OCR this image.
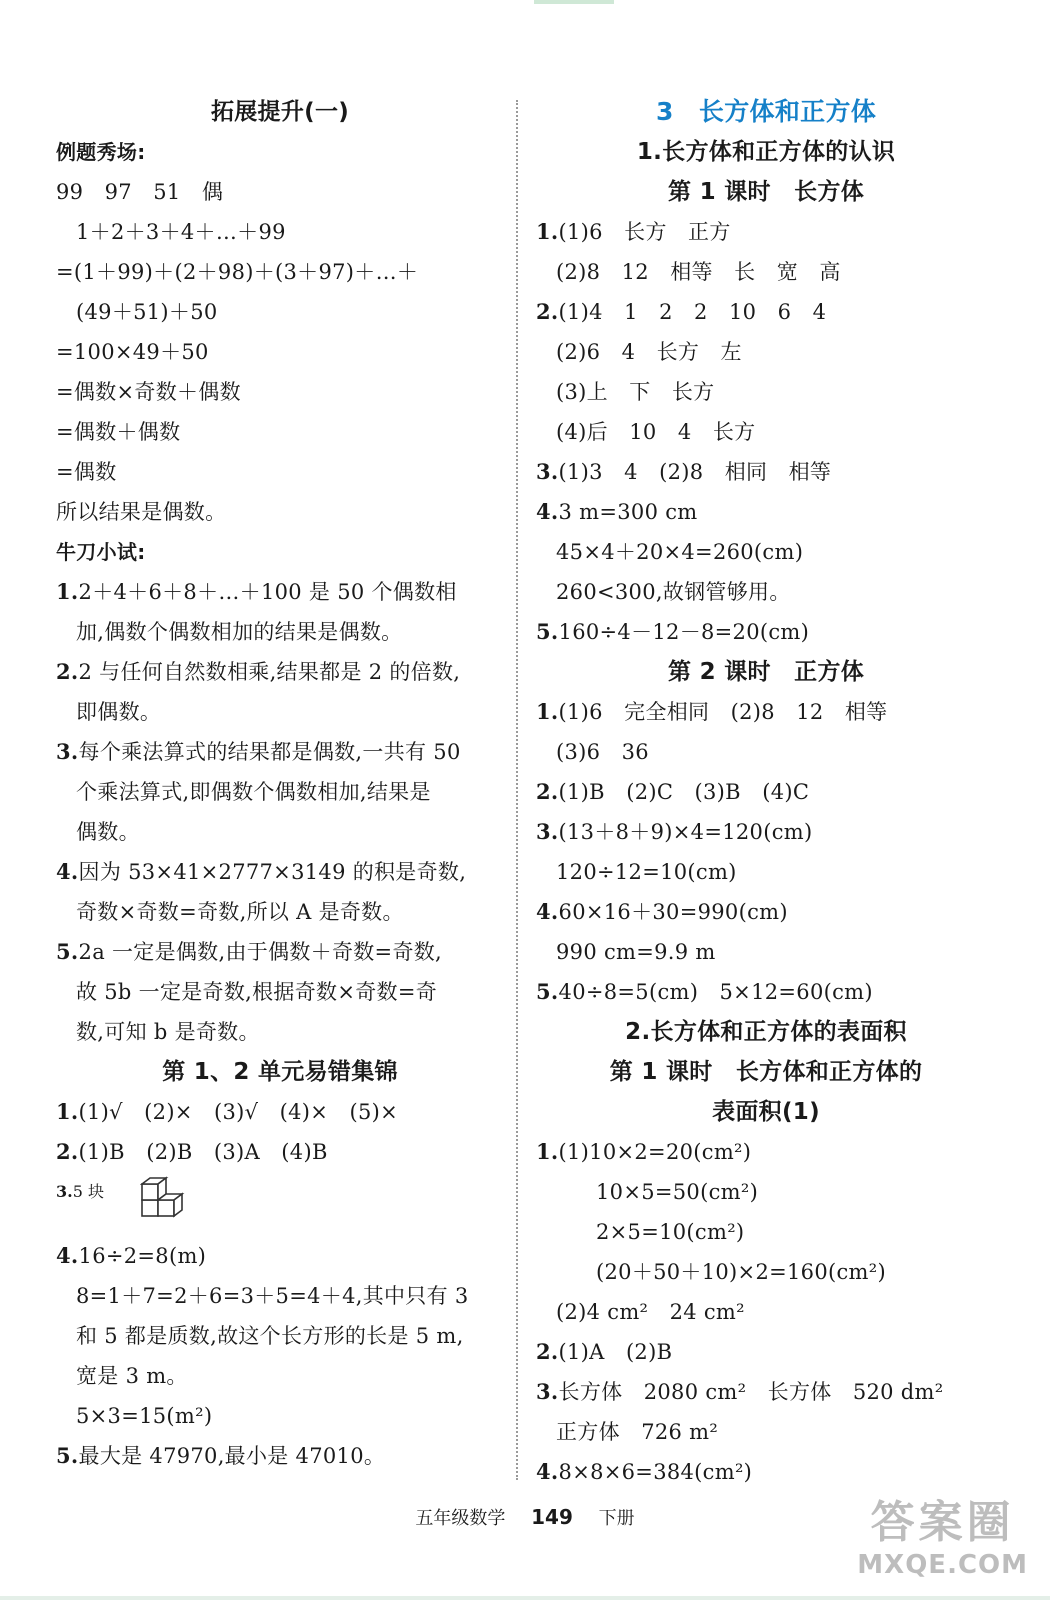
拓展提升(一)
例题秀场:
99　97　51　偶
1＋2＋3＋4＋…＋99
=(1＋99)＋(2＋98)＋(3＋97)＋…＋
(49＋51)＋50
=100×49＋50
=偶数×奇数＋偶数
=偶数＋偶数
=偶数
所以结果是偶数。
牛刀小试:
1.2＋4＋6＋8＋…＋100 是 50 个偶数相
加,偶数个偶数相加的结果是偶数。
2.2 与任何自然数相乘,结果都是 2 的倍数,
即偶数。
3.每个乘法算式的结果都是偶数,一共有 50
个乘法算式,即偶数个偶数相加,结果是
偶数。
4.因为 53×41×2777×3149 的积是奇数,
奇数×奇数=奇数,所以 A 是奇数。
5.2a 一定是偶数,由于偶数＋奇数=奇数,
故 5b 一定是奇数,根据奇数×奇数=奇
数,可知 b 是奇数。
第 1、2 单元易错集锦
1.(1)√　(2)×　(3)√　(4)×　(5)×
2.(1)B　(2)B　(3)A　(4)B
3.5 块
4.16÷2=8(m)
8=1＋7=2＋6=3＋5=4＋4,其中只有 3
和 5 都是质数,故这个长方形的长是 5 m,
宽是 3 m。
5×3=15(m²)
5.最大是 47970,最小是 47010。
3　长方体和正方体
1.长方体和正方体的认识
第 1 课时　长方体
1.(1)6　长方　正方
(2)8　12　相等　长　宽　高
2.(1)4　1　2　2　10　6　4
(2)6　4　长方　左
(3)上　下　长方
(4)后　10　4　长方
3.(1)3　4　(2)8　相同　相等
4.3 m=300 cm
45×4＋20×4=260(cm)
260<300,故钢管够用。
5.160÷4－12－8=20(cm)
第 2 课时　正方体
1.(1)6　完全相同　(2)8　12　相等
(3)6　36
2.(1)B　(2)C　(3)B　(4)C
3.(13＋8＋9)×4=120(cm)
120÷12=10(cm)
4.60×16＋30=990(cm)
990 cm=9.9 m
5.40÷8=5(cm)　5×12=60(cm)
2.长方体和正方体的表面积
第 1 课时　长方体和正方体的
表面积(1)
1.(1)10×2=20(cm²)
10×5=50(cm²)
2×5=10(cm²)
(20＋50＋10)×2=160(cm²)
(2)4 cm²　24 cm²
2.(1)A　(2)B
3.长方体　2080 cm²　长方体　520 dm²
正方体　726 m²
4.8×8×6=384(cm²)
五年级数学 149 下册	答案圈
MXQE.COM
